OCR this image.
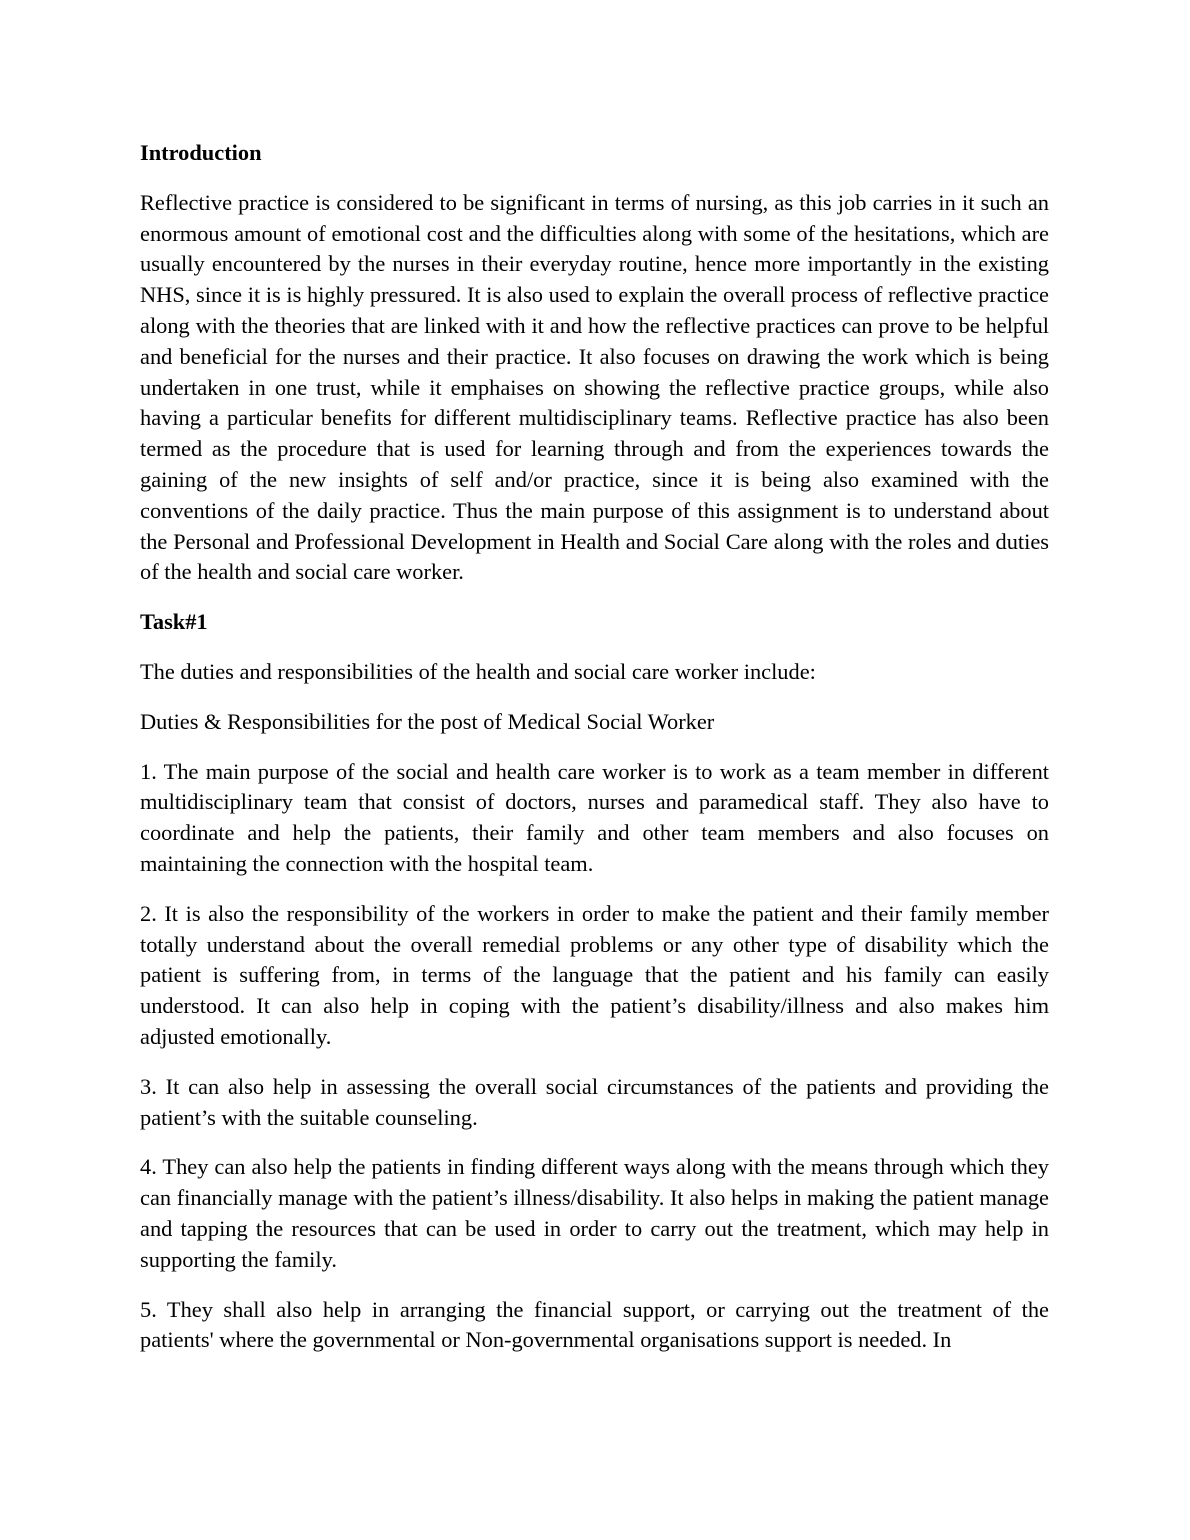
Introduction
Reflective practice is considered to be significant in terms of nursing, as this job carries in it such an enormous amount of emotional cost and the difficulties along with some of the hesitations, which are usually encountered by the nurses in their everyday routine, hence more importantly in the existing NHS, since it is is highly pressured. It is also used to explain the overall process of reflective practice along with the theories that are linked with it and how the reflective practices can prove to be helpful and beneficial for the nurses and their practice. It also focuses on drawing the work which is being undertaken in one trust, while it emphaises on showing the reflective practice groups, while also having a particular benefits for different multidisciplinary teams. Reflective practice has also been termed as the procedure that is used for learning through and from the experiences towards the gaining of the new insights of self and/or practice, since it is being also examined with the conventions of the daily practice. Thus the main purpose of this assignment is to understand about the Personal and Professional Development in Health and Social Care along with the roles and duties of the health and social care worker.
Task#1
The duties and responsibilities of the health and social care worker include:
Duties & Responsibilities for the post of Medical Social Worker
1. The main purpose of the social and health care worker is to work as a team member in different multidisciplinary team that consist of doctors, nurses and paramedical staff. They also have to coordinate and help the patients, their family and other team members and also focuses on maintaining the connection with the hospital team.
2. It is also the responsibility of the workers in order to make the patient and their family member totally understand about the overall remedial problems or any other type of disability which the patient is suffering from, in terms of the language that the patient and his family can easily understood. It can also help in coping with the patient’s disability/illness and also makes him adjusted emotionally.
3. It can also help in assessing the overall social circumstances of the patients and providing the patient’s with the suitable counseling.
4. They can also help the patients in finding different ways along with the means through which they can financially manage with the patient’s illness/disability. It also helps in making the patient manage and tapping the resources that can be used in order to carry out the treatment, which may help in supporting the family.
5. They shall also help in arranging the financial support, or carrying out the treatment of the patients' where the governmental or Non-governmental organisations support is needed. In
